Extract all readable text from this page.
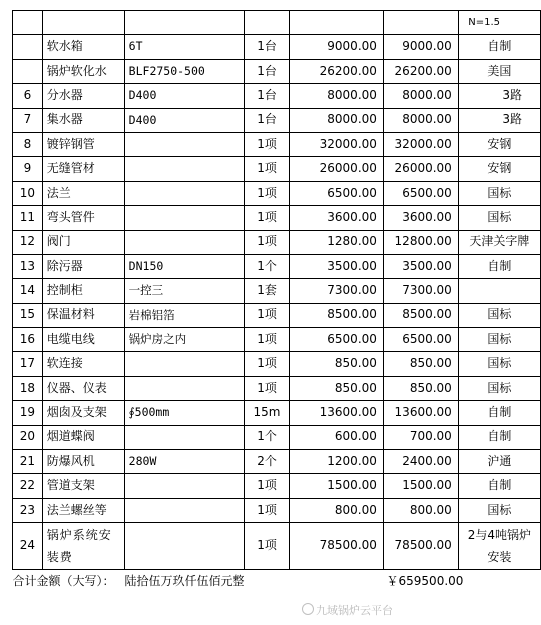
						N=1.5
	软水箱	6T	1台	9000.00	9000.00	自制
	锅炉软化水	BLF2750-500	1台	26200.00	26200.00	美国
6	分水器	D400	1台	8000.00	8000.00	3路
7	集水器	D400	1台	8000.00	8000.00	3路
8	镀锌钢管		1项	32000.00	32000.00	安钢
9	无缝管材		1项	26000.00	26000.00	安钢
10	法兰		1项	6500.00	6500.00	国标
11	弯头管件		1项	3600.00	3600.00	国标
12	阀门		1项	1280.00	12800.00	天津关字牌
13	除污器	DN150	1个	3500.00	3500.00	自制
14	控制柜	一控三	1套	7300.00	7300.00	
15	保温材料	岩棉铝箔	1项	8500.00	8500.00	国标
16	电缆电线	锅炉房之内	1项	6500.00	6500.00	国标
17	软连接		1项	850.00	850.00	国标
18	仪器、仪表		1项	850.00	850.00	国标
19	烟囱及支架	∮500mm	15m	13600.00	13600.00	自制
20	烟道蝶阀		1个	600.00	700.00	自制
21	防爆风机	280W	2个	1200.00	2400.00	沪通
22	管道支架		1项	1500.00	1500.00	自制
23	法兰螺丝等		1项	800.00	800.00	国标
24	锅炉系统安装费		1项	78500.00	78500.00	2与4吨锅炉安装
合计金额（大写）： 陆拾伍万玖仟伍佰元整 ￥659500.00						
九域锅炉云平台
